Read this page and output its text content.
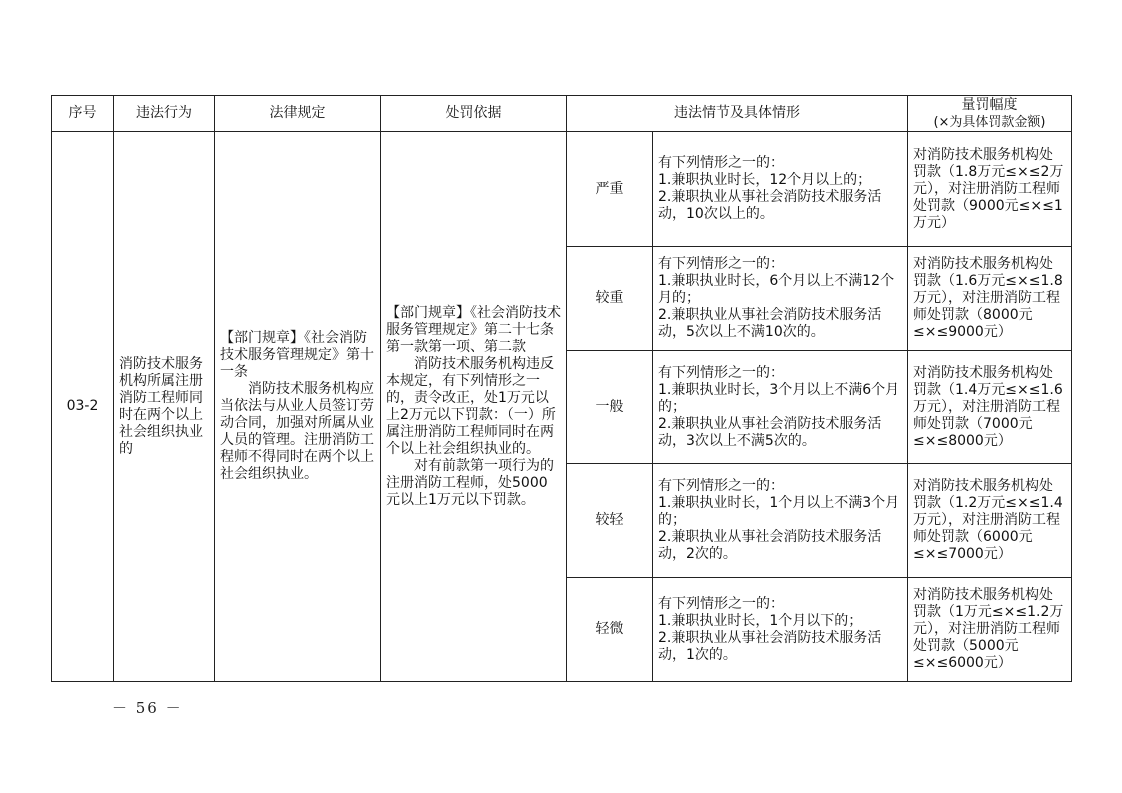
序号	违法行为	法律规定	处罚依据	违法情节及具体情形		量罚幅度
(×为具体罚款金额)

03-2	消防技术服务机构所属注册消防工程师同时在两个以上社会组织执业的	【部门规章】《社会消防技术服务管理规定》第十一条
消防技术服务机构应当依法与从业人员签订劳动合同，加强对所属从业人员的管理。注册消防工程师不得同时在两个以上社会组织执业。	【部门规章】《社会消防技术服务管理规定》第二十七条第一款第一项、第二款
消防技术服务机构违反本规定，有下列情形之一的，责令改正，处1万元以上2万元以下罚款：（一）所属注册消防工程师同时在两个以上社会组织执业的。
对有前款第一项行为的注册消防工程师，处5000元以上1万元以下罚款。	严重	有下列情形之一的：
1.兼职执业时长，12个月以上的；
2.兼职执业从事社会消防技术服务活动，10次以上的。	对消防技术服务机构处罚款（1.8万元≤×≤2万元），对注册消防工程师处罚款（9000元≤×≤1万元）
				较重	有下列情形之一的：
1.兼职执业时长，6个月以上不满12个月的；
2.兼职执业从事社会消防技术服务活动，5次以上不满10次的。	对消防技术服务机构处罚款（1.6万元≤×≤1.8万元），对注册消防工程师处罚款（8000元≤×≤9000元）
				一般	有下列情形之一的：
1.兼职执业时长，3个月以上不满6个月的；
2.兼职执业从事社会消防技术服务活动，3次以上不满5次的。	对消防技术服务机构处罚款（1.4万元≤×≤1.6万元），对注册消防工程师处罚款（7000元≤×≤8000元）
				较轻	有下列情形之一的：
1.兼职执业时长，1个月以上不满3个月的；
2.兼职执业从事社会消防技术服务活动，2次的。	对消防技术服务机构处罚款（1.2万元≤×≤1.4万元），对注册消防工程师处罚款（6000元≤×≤7000元）
				轻微	有下列情形之一的：
1.兼职执业时长，1个月以下的；
2.兼职执业从事社会消防技术服务活动，1次的。	对消防技术服务机构处罚款（1万元≤×≤1.2万元），对注册消防工程师处罚款（5000元≤×≤6000元）
－ 56 －
